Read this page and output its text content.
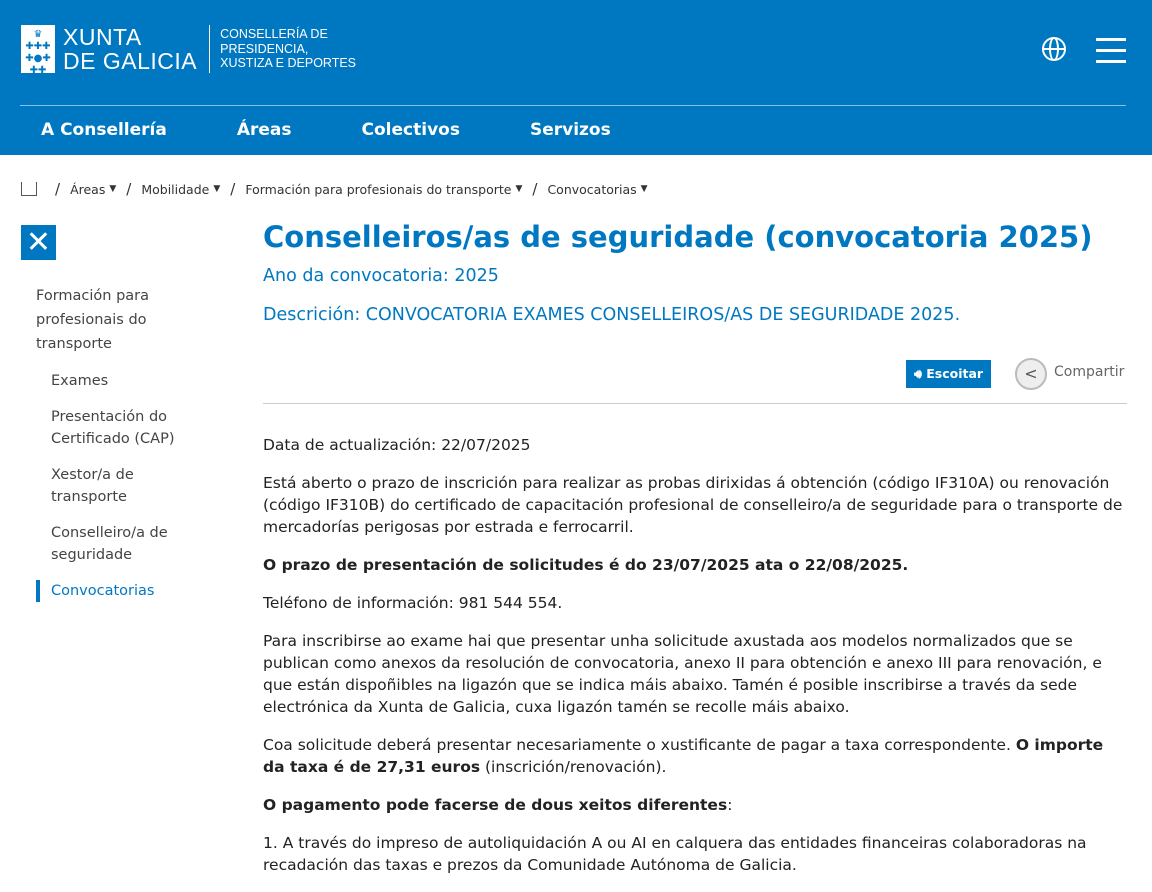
♛
✚✚✚
✚●✚
✚✚
XUNTA
DE GALICIA
CONSELLERÍA DE
PRESIDENCIA,
XUSTIZA E DEPORTES
A Consellería	Áreas	Colectivos	Servizos
/ Áreas ▼ / Mobilidade ▼ / Formación para profesionais do transporte ▼ / Convocatorias ▼
✕
Formación para profesionais do transporte
Exames
Presentación do Certificado (CAP)
Xestor/a de transporte
Conselleiro/a de seguridade
Convocatorias
Conselleiros/as de seguridade (convocatoria 2025)
Ano da convocatoria: 2025
Descrición: CONVOCATORIA EXAMES CONSELLEIROS/AS DE SEGURIDADE 2025.
🔊︎ Escoitar	<	Compartir

Data de actualización: 22/07/2025

Está aberto o prazo de inscrición para realizar as probas dirixidas á obtención (código IF310A) ou renovación (código IF310B) do certificado de capacitación profesional de conselleiro/a de seguridade para o transporte de mercadorías perigosas por estrada e ferrocarril.

O prazo de presentación de solicitudes é do 23/07/2025 ata o 22/08/2025.

Teléfono de información: 981 544 554.

Para inscribirse ao exame hai que presentar unha solicitude axustada aos modelos normalizados que se publican como anexos da resolución de convocatoria, anexo II para obtención e anexo III para renovación, e que están dispoñibles na ligazón que se indica máis abaixo. Tamén é posible inscribirse a través da sede electrónica da Xunta de Galicia, cuxa ligazón tamén se recolle máis abaixo.

Coa solicitude deberá presentar necesariamente o xustificante de pagar a taxa correspondente. O importe da taxa é de 27,31 euros (inscrición/renovación).

O pagamento pode facerse de dous xeitos diferentes:

1. A través do impreso de autoliquidación A ou AI en calquera das entidades financeiras colaboradoras na recadación das taxas e prezos da Comunidade Autónoma de Galicia.
